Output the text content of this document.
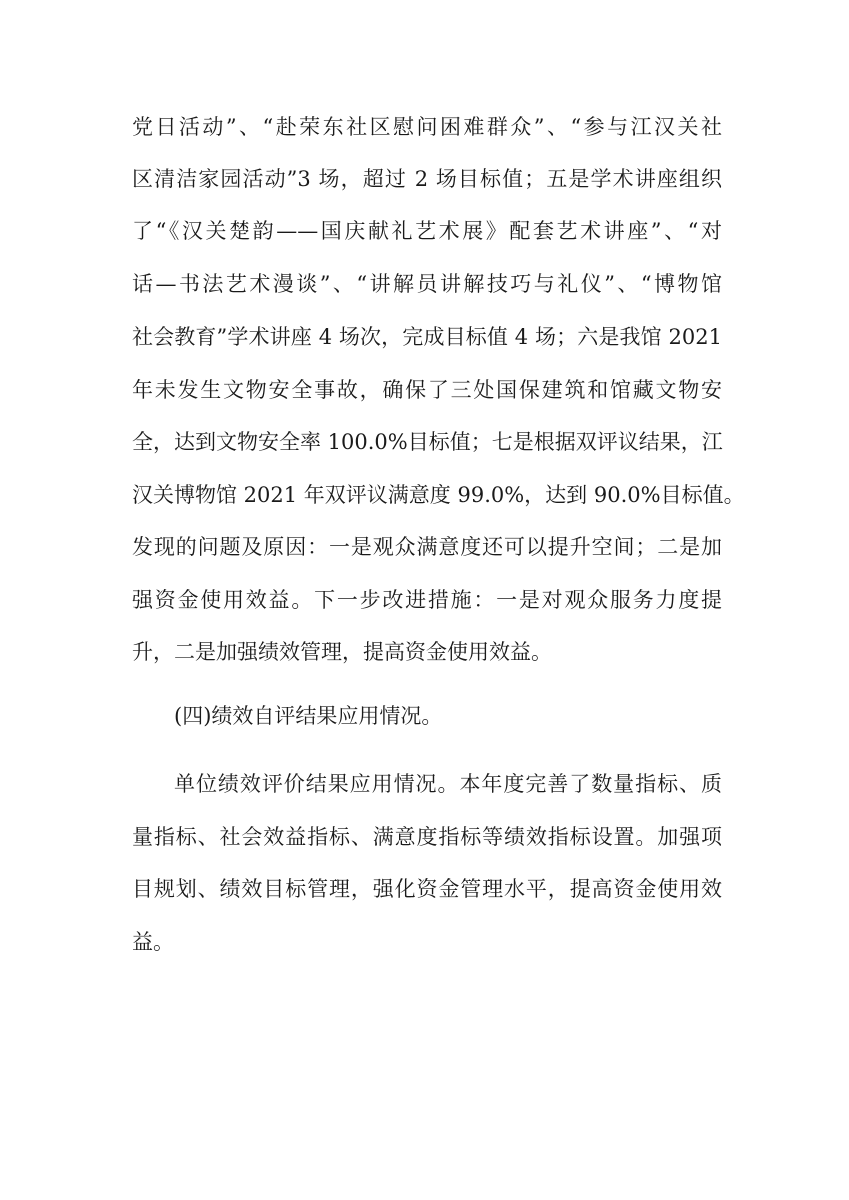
党日活动”、“赴荣东社区慰问困难群众”、“参与江汉关社
区清洁家园活动”3 场，超过 2 场目标值；五是学术讲座组织
了“《汉关楚韵——国庆献礼艺术展》配套艺术讲座”、“对
话—书法艺术漫谈”、“讲解员讲解技巧与礼仪”、“博物馆
社会教育”学术讲座 4 场次，完成目标值 4 场；六是我馆 2021
年未发生文物安全事故，确保了三处国保建筑和馆藏文物安
全，达到文物安全率 100.0%目标值；七是根据双评议结果，江
汉关博物馆 2021 年双评议满意度 99.0%，达到 90.0%目标值。
发现的问题及原因：一是观众满意度还可以提升空间；二是加
强资金使用效益。下一步改进措施：一是对观众服务力度提
升，二是加强绩效管理，提高资金使用效益。
(四)绩效自评结果应用情况。
单位绩效评价结果应用情况。本年度完善了数量指标、质
量指标、社会效益指标、满意度指标等绩效指标设置。加强项
目规划、绩效目标管理，强化资金管理水平，提高资金使用效
益。
